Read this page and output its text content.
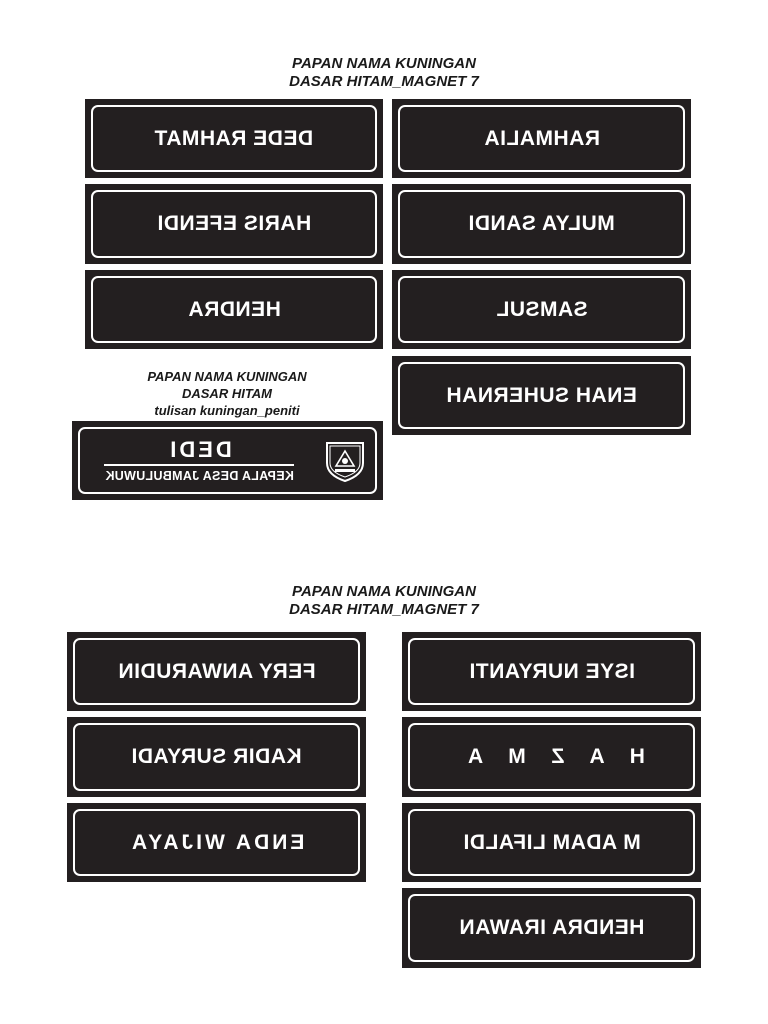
PAPAN NAMA KUNINGAN
DASAR HITAM_MAGNET 7
DEDE RAHMAT	RAHMALIA
HARIS EFENDI	MULYA SANDI
HENDRA	SAMSUL
ENAH SUHERNAH
PAPAN NAMA KUNINGAN
DASAR HITAM
tulisan kuningan_peniti
DEDI
KEPALA DESA JAMBULUWUK
PAPAN NAMA KUNINGAN
DASAR HITAM_MAGNET 7
FERY ANWARUDIN	ISYE NURYANTI
KADIR SURYADI	H A Z M A
ENDA WIJAYA	M ADAM LIFALDI
HENDRA IRAWAN
